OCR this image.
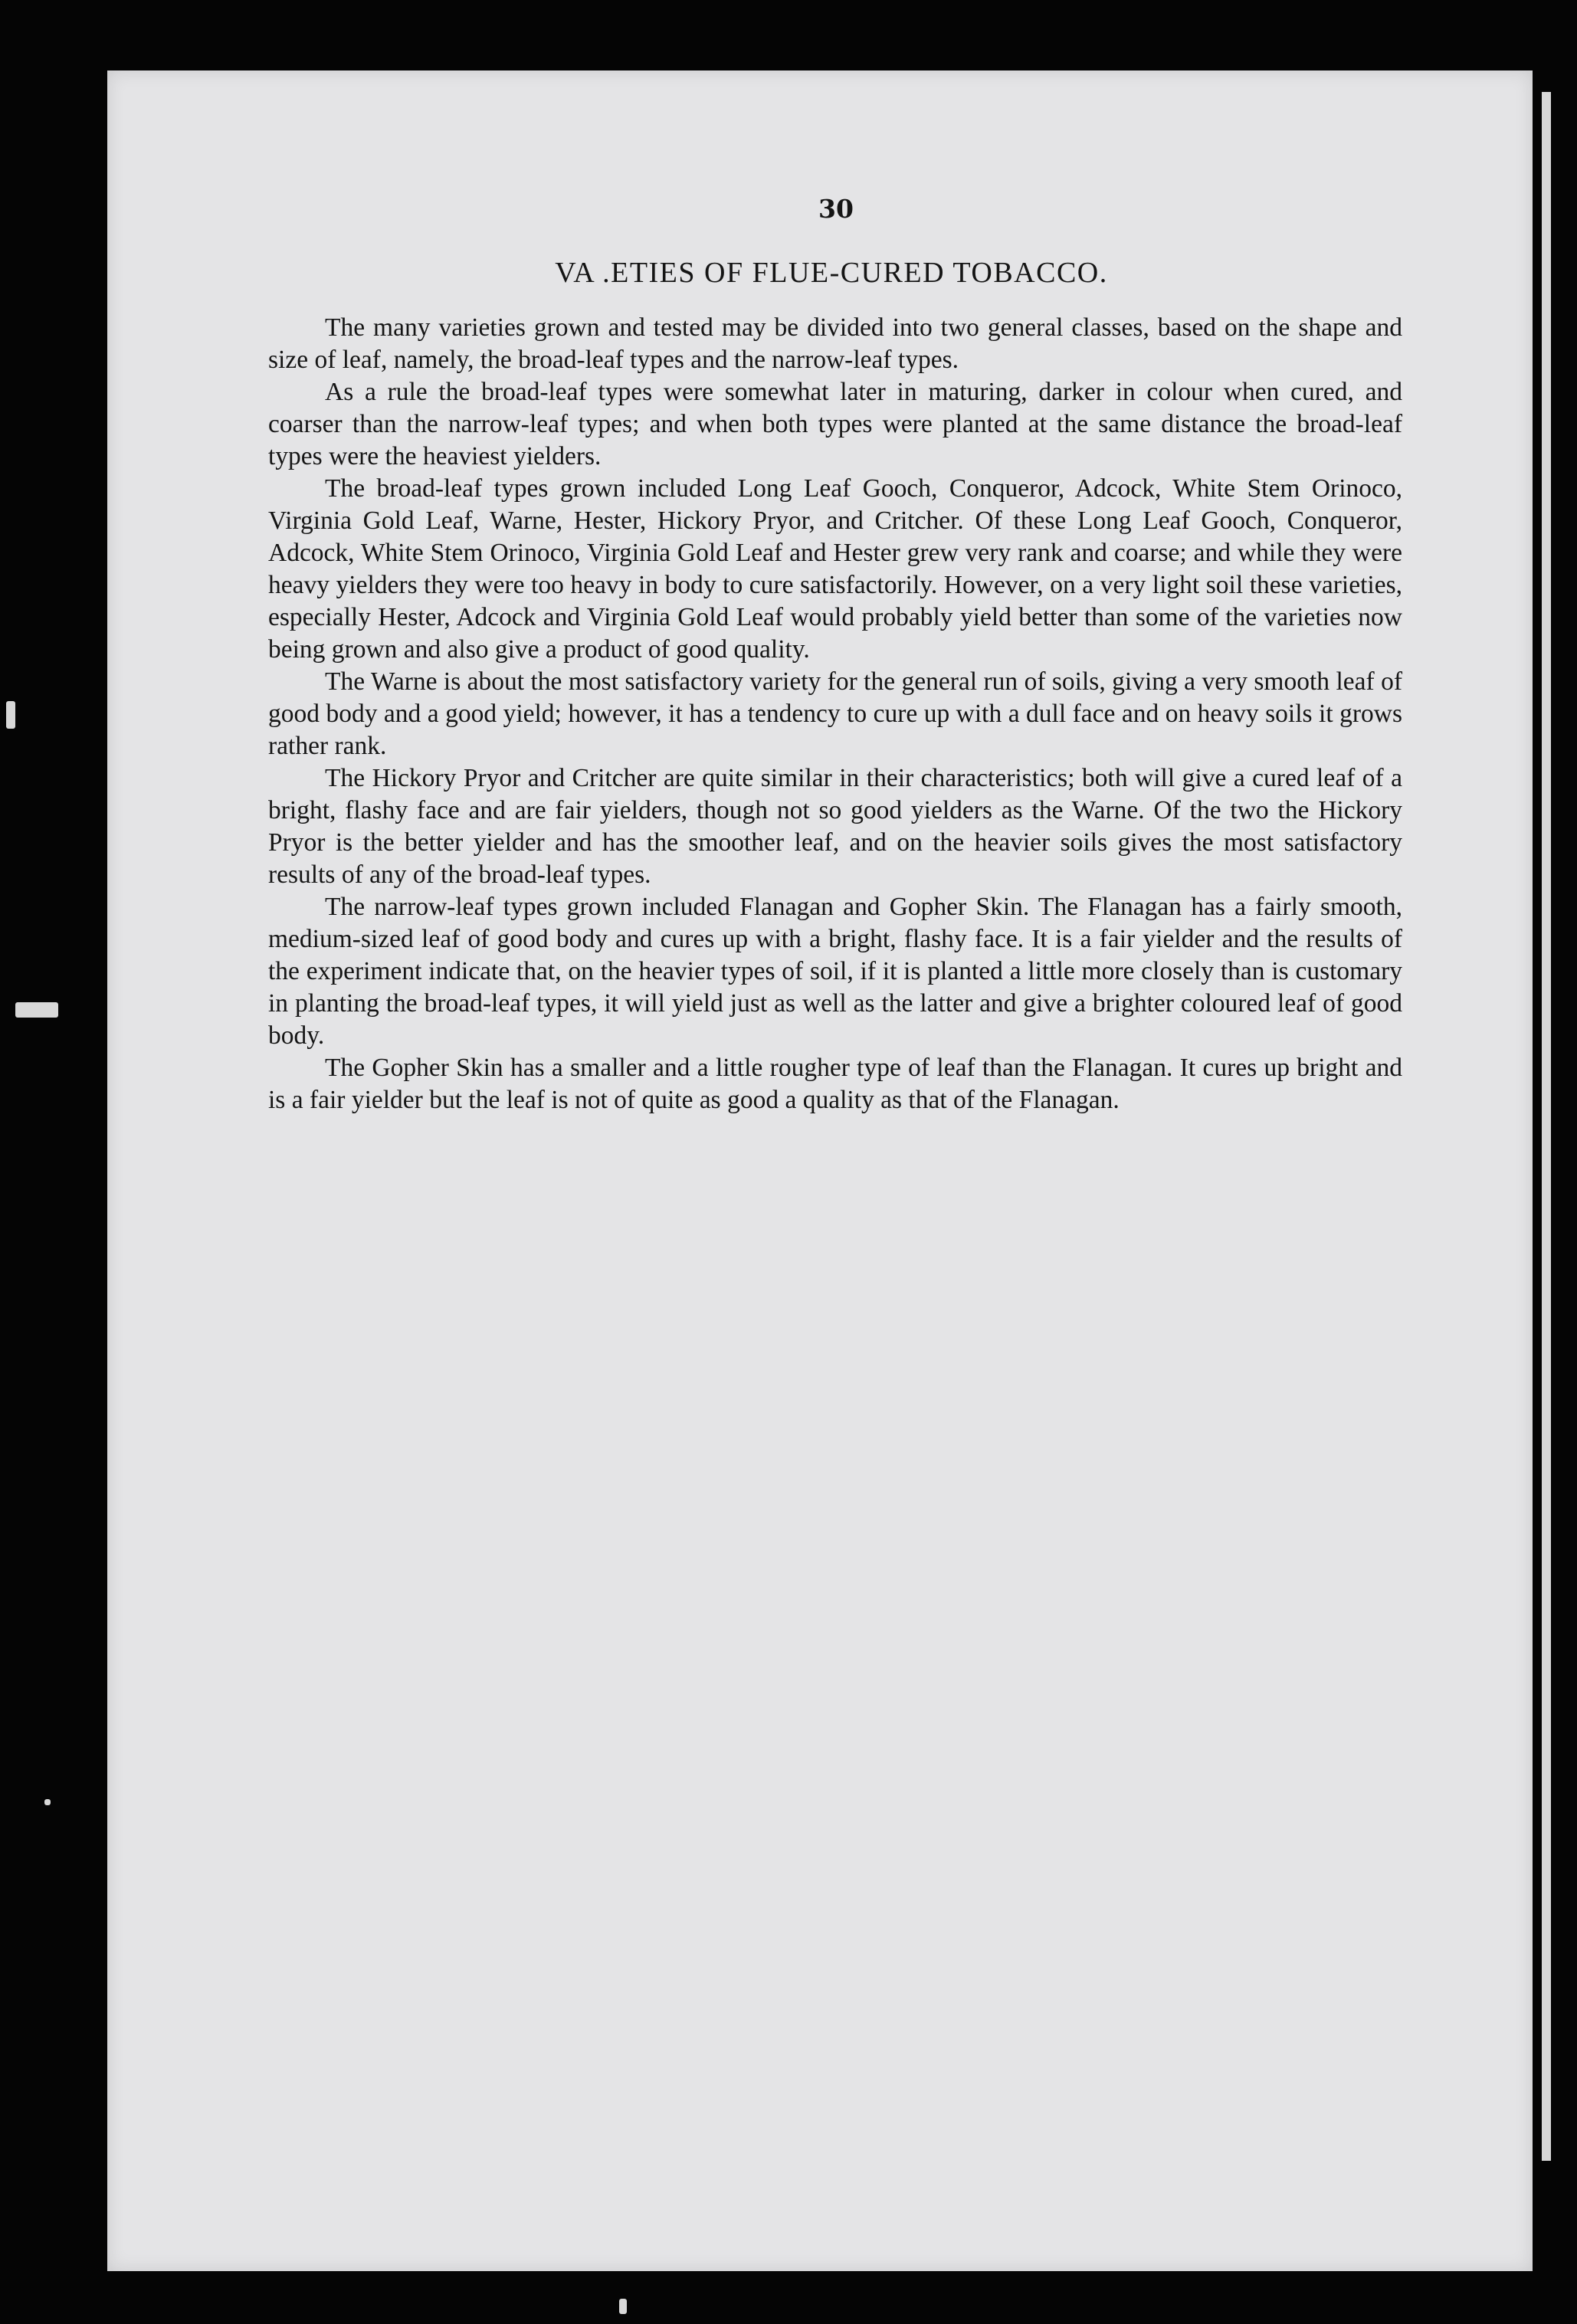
30
VA .ETIES OF FLUE-CURED TOBACCO.

The many varieties grown and tested may be divided into two general classes, based on the shape and size of leaf, namely, the broad-leaf types and the narrow-leaf types.

As a rule the broad-leaf types were somewhat later in maturing, darker in colour when cured, and coarser than the narrow-leaf types; and when both types were planted at the same distance the broad-leaf types were the heaviest yielders.

The broad-leaf types grown included Long Leaf Gooch, Conqueror, Adcock, White Stem Orinoco, Virginia Gold Leaf, Warne, Hester, Hickory Pryor, and Critcher. Of these Long Leaf Gooch, Conqueror, Adcock, White Stem Orinoco, Virginia Gold Leaf and Hester grew very rank and coarse; and while they were heavy yielders they were too heavy in body to cure satisfactorily. However, on a very light soil these varieties, especially Hester, Adcock and Virginia Gold Leaf would probably yield better than some of the varieties now being grown and also give a product of good quality.

The Warne is about the most satisfactory variety for the general run of soils, giving a very smooth leaf of good body and a good yield; however, it has a tendency to cure up with a dull face and on heavy soils it grows rather rank.

The Hickory Pryor and Critcher are quite similar in their characteristics; both will give a cured leaf of a bright, flashy face and are fair yielders, though not so good yielders as the Warne. Of the two the Hickory Pryor is the better yielder and has the smoother leaf, and on the heavier soils gives the most satisfactory results of any of the broad-leaf types.

The narrow-leaf types grown included Flanagan and Gopher Skin. The Flanagan has a fairly smooth, medium-sized leaf of good body and cures up with a bright, flashy face. It is a fair yielder and the results of the experiment indicate that, on the heavier types of soil, if it is planted a little more closely than is customary in planting the broad-leaf types, it will yield just as well as the latter and give a brighter coloured leaf of good body.

The Gopher Skin has a smaller and a little rougher type of leaf than the Flanagan. It cures up bright and is a fair yielder but the leaf is not of quite as good a quality as that of the Flanagan.
